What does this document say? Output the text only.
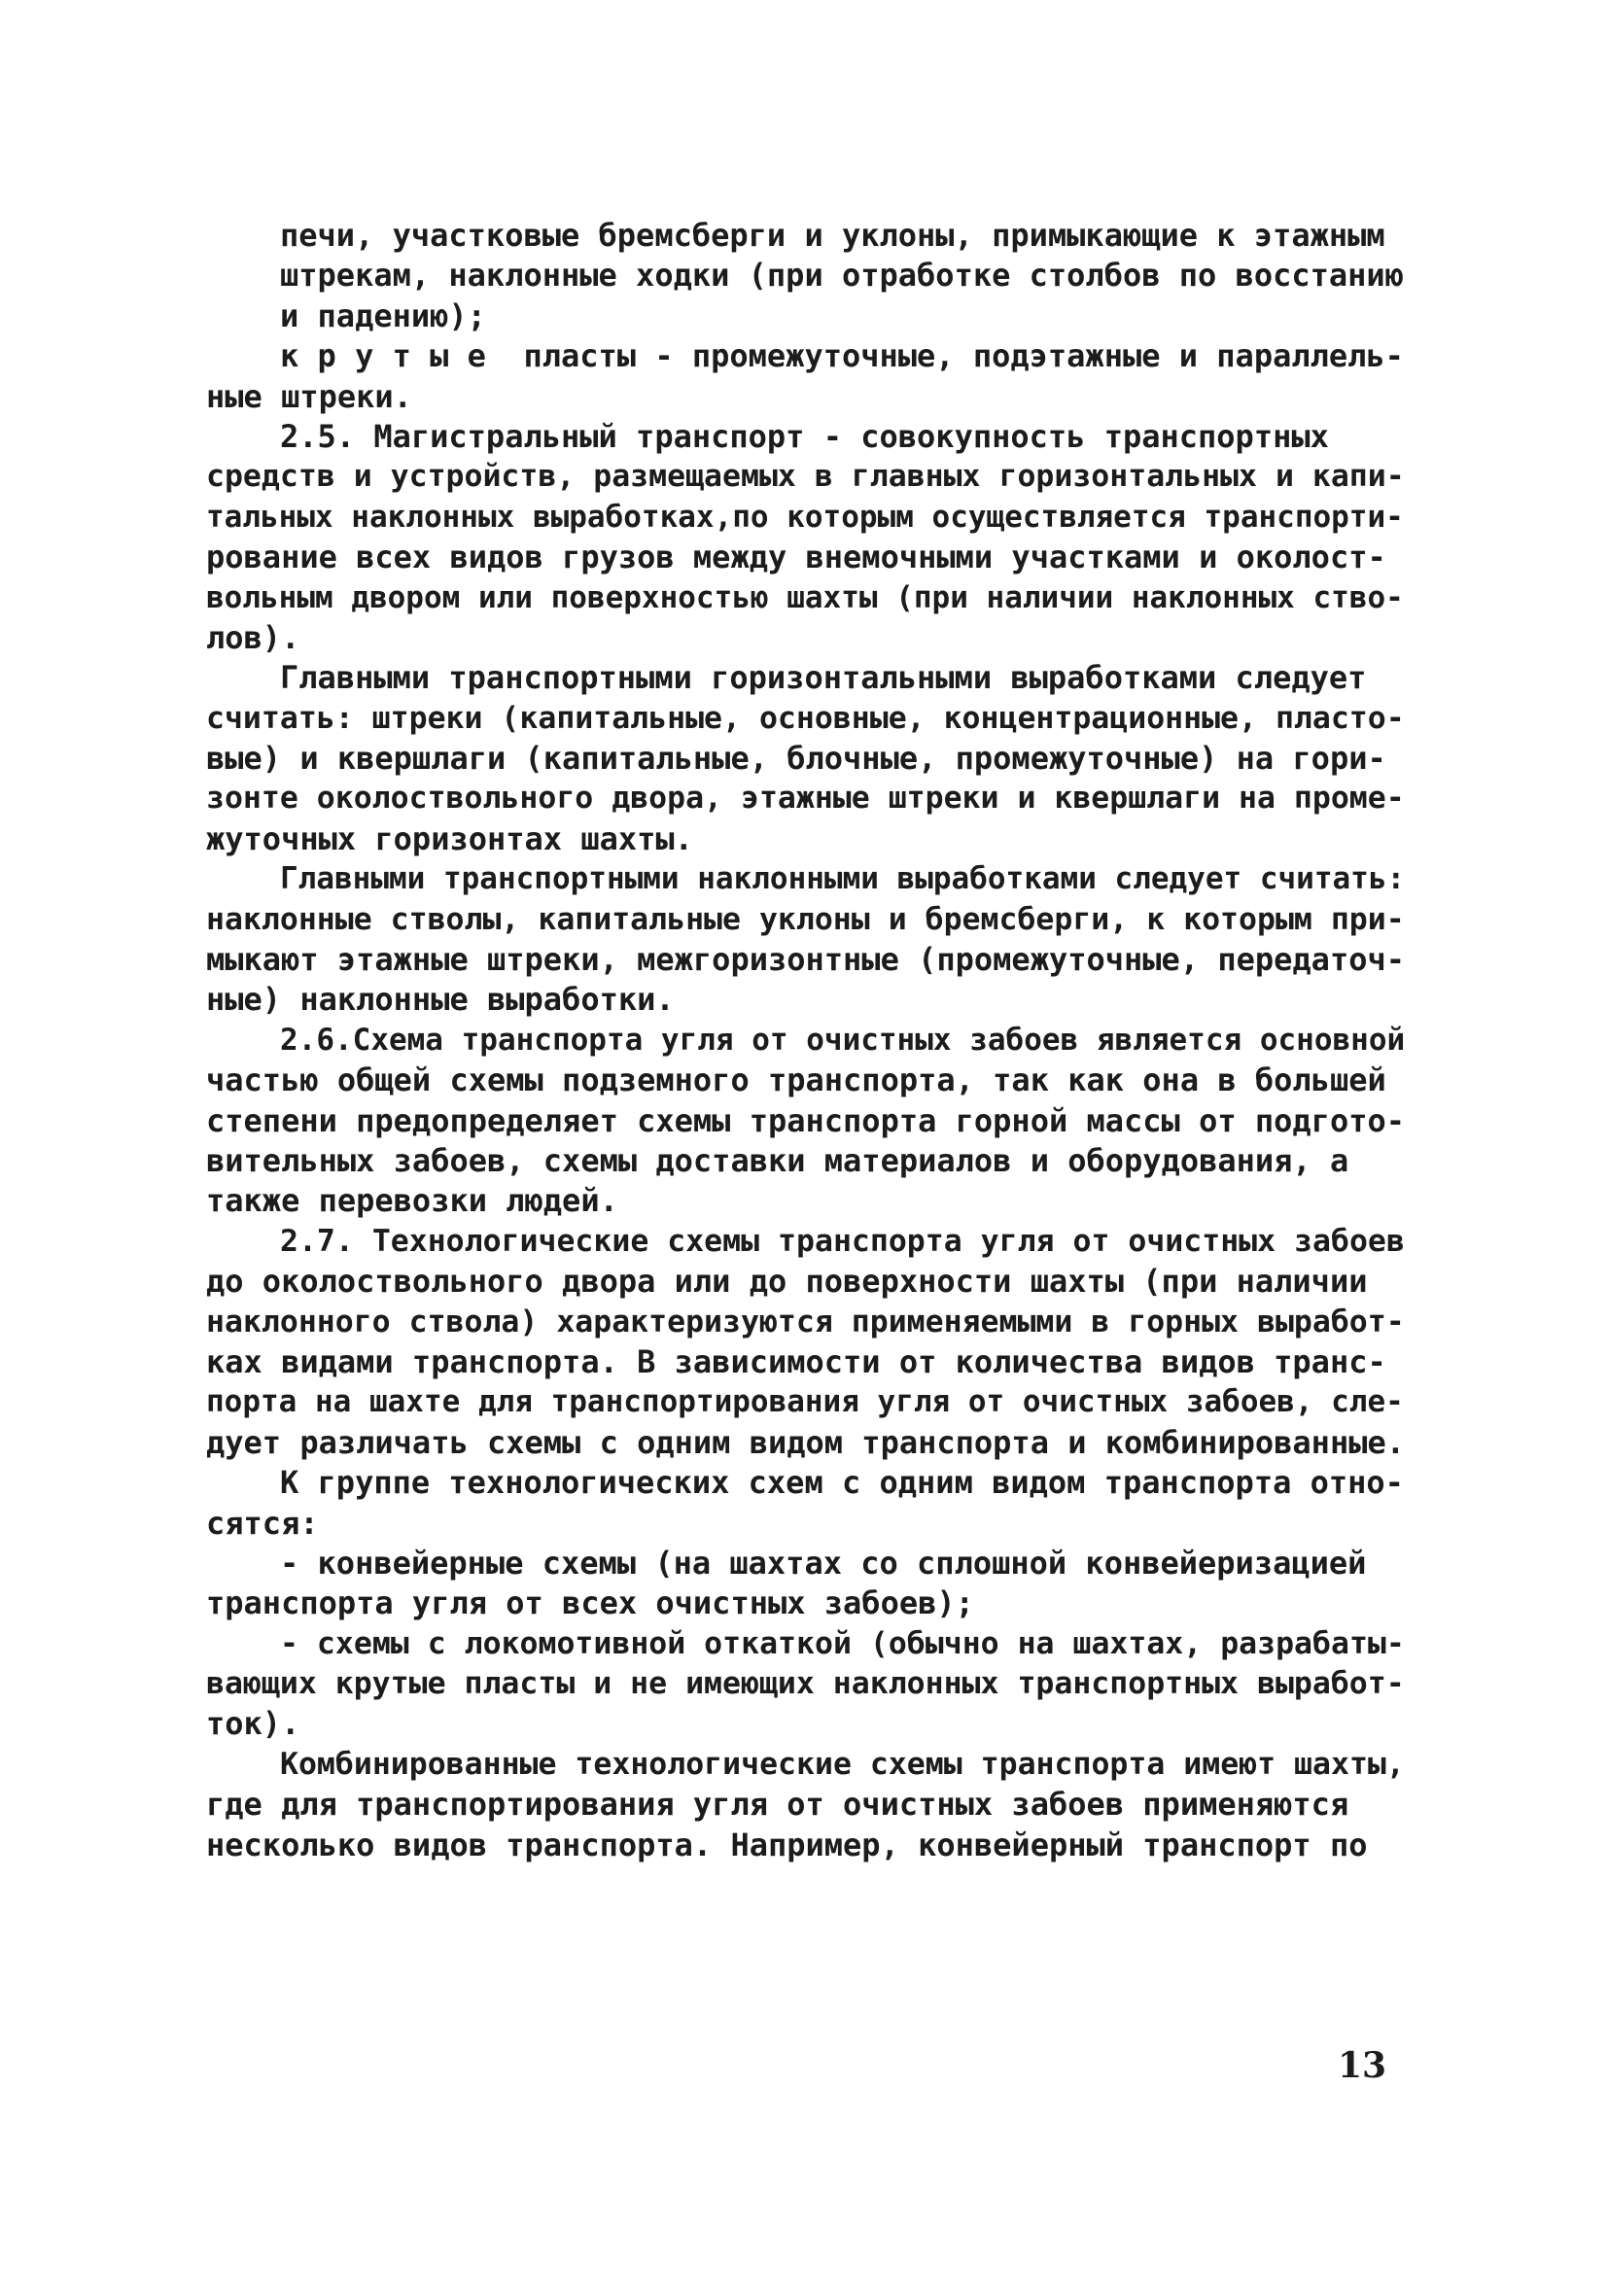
печи, участковые бремсберги и уклоны, примыкающие к этажным
штрекам, наклонные ходки (при отработке столбов по восстанию
и падению);
к р у т ы е  пласты - промежуточные, подэтажные и параллель-
ные штреки.
2.5. Магистральный транспорт - совокупность транспортных
средств и устройств, размещаемых в главных горизонтальных и капи-
тальных наклонных выработках,по которым осуществляется транспорти-
рование всех видов грузов между внемочными участками и околост-
вольным двором или поверхностью шахты (при наличии наклонных ство-
лов).
Главными транспортными горизонтальными выработками следует
считать: штреки (капитальные, основные, концентрационные, пласто-
вые) и квершлаги (капитальные, блочные, промежуточные) на гори-
зонте околоствольного двора, этажные штреки и квершлаги на проме-
жуточных горизонтах шахты.
Главными транспортными наклонными выработками следует считать:
наклонные стволы, капитальные уклоны и бремсберги, к которым при-
мыкают этажные штреки, межгоризонтные (промежуточные, передаточ-
ные) наклонные выработки.
2.6.Схема транспорта угля от очистных забоев является основной
частью общей схемы подземного транспорта, так как она в большей
степени предопределяет схемы транспорта горной массы от подгото-
вительных забоев, схемы доставки материалов и оборудования, а
также перевозки людей.
2.7. Технологические схемы транспорта угля от очистных забоев
до околоствольного двора или до поверхности шахты (при наличии
наклонного ствола) характеризуются применяемыми в горных выработ-
ках видами транспорта. В зависимости от количества видов транс-
порта на шахте для транспортирования угля от очистных забоев, сле-
дует различать схемы с одним видом транспорта и комбинированные.
К группе технологических схем с одним видом транспорта отно-
сятся:
- конвейерные схемы (на шахтах со сплошной конвейеризацией
транспорта угля от всех очистных забоев);
- схемы с локомотивной откаткой (обычно на шахтах, разрабаты-
вающих крутые пласты и не имеющих наклонных транспортных выработ-
ток).
Комбинированные технологические схемы транспорта имеют шахты,
где для транспортирования угля от очистных забоев применяются
несколько видов транспорта. Например, конвейерный транспорт по
13
